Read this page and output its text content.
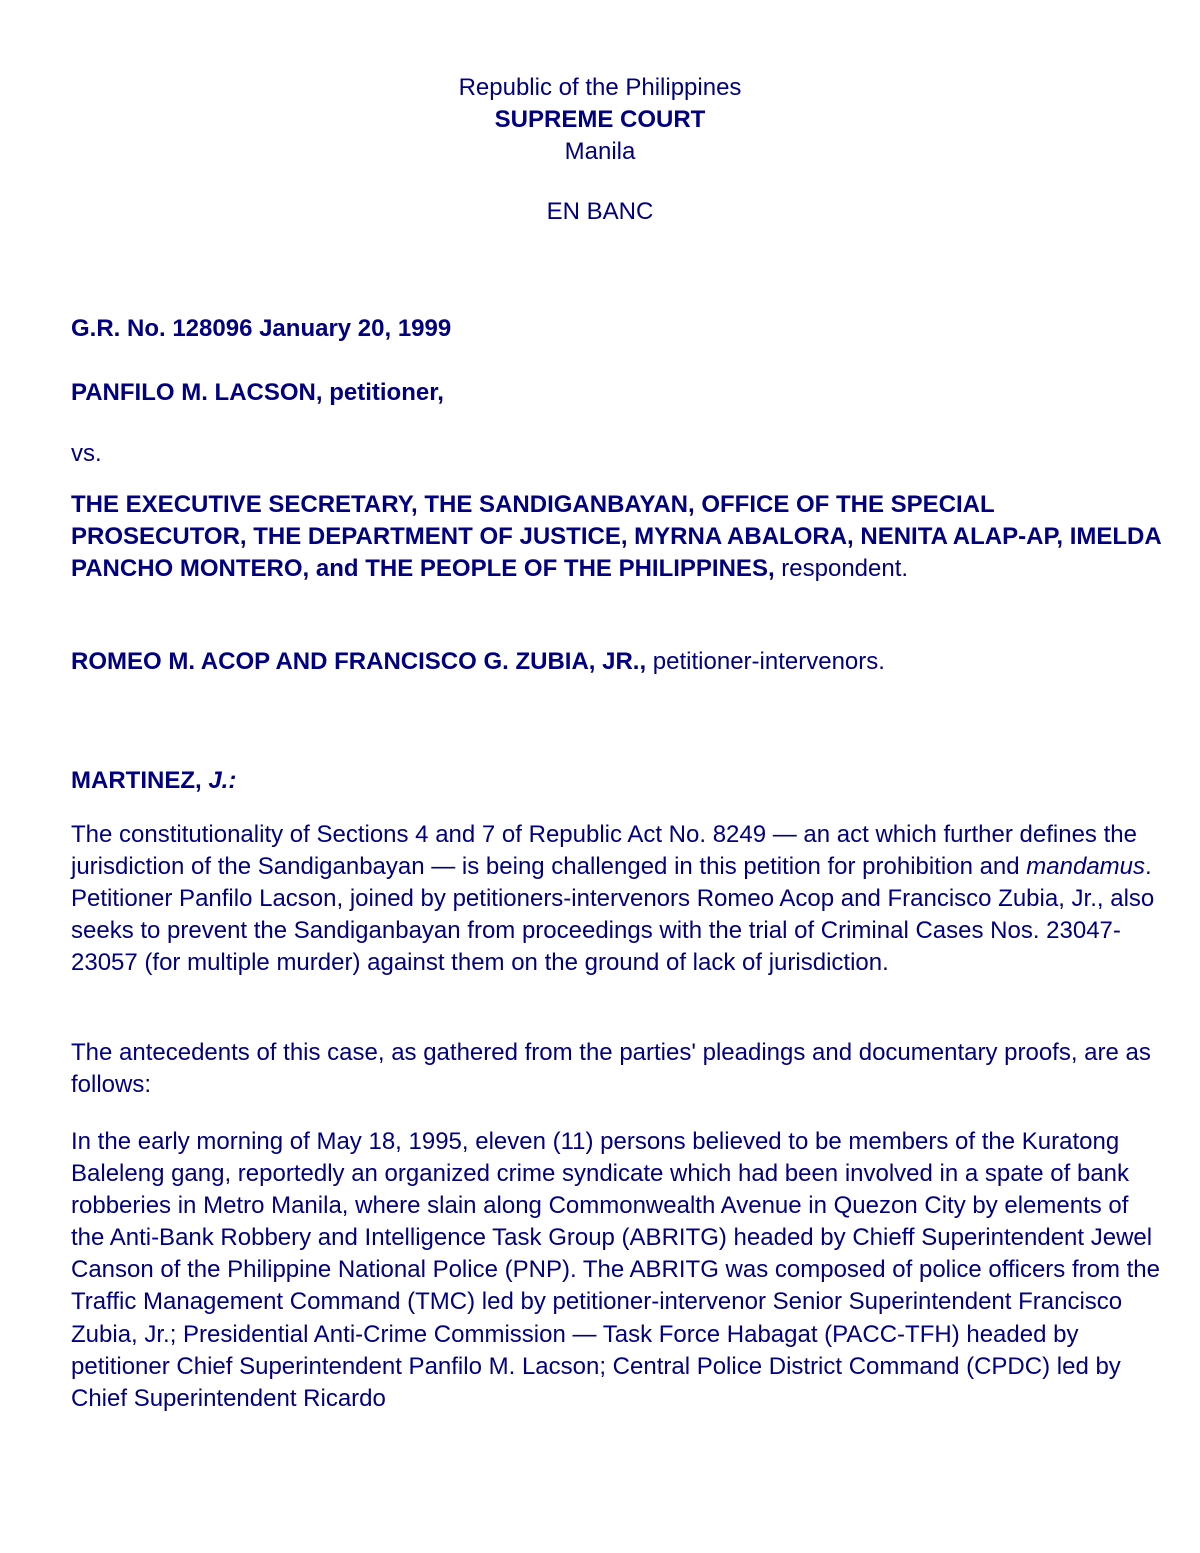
Republic of the Philippines
SUPREME COURT
Manila
EN BANC

G.R. No. 128096 January 20, 1999

PANFILO M. LACSON, petitioner,

vs.

THE EXECUTIVE SECRETARY, THE SANDIGANBAYAN, OFFICE OF THE SPECIAL PROSECUTOR, THE DEPARTMENT OF JUSTICE, MYRNA ABALORA, NENITA ALAP-AP, IMELDA PANCHO MONTERO, and THE PEOPLE OF THE PHILIPPINES, respondent.

ROMEO M. ACOP AND FRANCISCO G. ZUBIA, JR., petitioner-intervenors.

MARTINEZ, J.:

The constitutionality of Sections 4 and 7 of Republic Act No. 8249 — an act which further defines the jurisdiction of the Sandiganbayan — is being challenged in this petition for prohibition and mandamus. Petitioner Panfilo Lacson, joined by petitioners-intervenors Romeo Acop and Francisco Zubia, Jr., also seeks to prevent the Sandiganbayan from proceedings with the trial of Criminal Cases Nos. 23047-23057 (for multiple murder) against them on the ground of lack of jurisdiction.

The antecedents of this case, as gathered from the parties' pleadings and documentary proofs, are as follows:

In the early morning of May 18, 1995, eleven (11) persons believed to be members of the Kuratong Baleleng gang, reportedly an organized crime syndicate which had been involved in a spate of bank robberies in Metro Manila, where slain along Commonwealth Avenue in Quezon City by elements of the Anti-Bank Robbery and Intelligence Task Group (ABRITG) headed by Chieff Superintendent Jewel Canson of the Philippine National Police (PNP). The ABRITG was composed of police officers from the Traffic Management Command (TMC) led by petitioner-intervenor Senior Superintendent Francisco Zubia, Jr.; Presidential Anti-Crime Commission — Task Force Habagat (PACC-TFH) headed by petitioner Chief Superintendent Panfilo M. Lacson; Central Police District Command (CPDC) led by Chief Superintendent Ricardo
